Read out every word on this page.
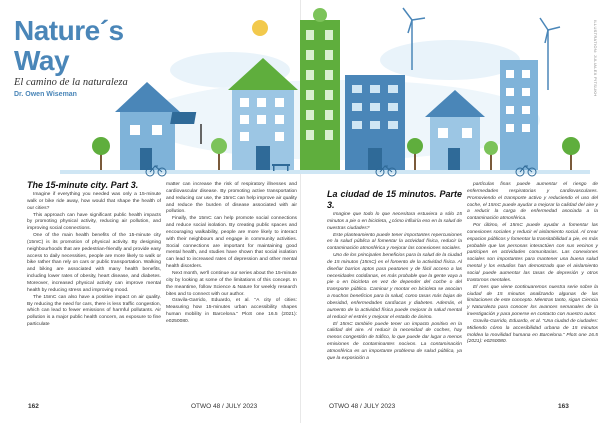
Nature´s Way
El camino de la naturaleza
Dr. Owen Wiseman	ILLUSTRATION: JULIALEX PITSUKH
The 15-minute city. Part 3.

Imagine if everything you needed was only a 15-minute walk or bike ride away, how would that shape the health of our cities?

This approach can have significant public health impacts by promoting physical activity, reducing air pollution, and improving social connections.

One of the main health benefits of the 15-minute city (15mC) is its promotion of physical activity. By designing neighbourhoods that are pedestrian-friendly and provide easy access to daily necessities, people are more likely to walk or bike rather than rely on cars or public transportation. Walking and biking are associated with many health benefits, including lower rates of obesity, heart disease, and diabetes. Moreover, increased physical activity can improve mental health by reducing stress and improving mood.

The 15mC can also have a positive impact on air quality. By reducing the need for cars, there is less traffic congestion, which can lead to fewer emissions of harmful pollutants. Air pollution is a major public health concern, as exposure to fine particulate

matter can increase the risk of respiratory illnesses and cardiovascular disease. By promoting active transportation and reducing car use, the 15mC can help improve air quality and reduce the burden of disease associated with air pollution.

Finally, the 15mC can help promote social connections and reduce social isolation. By creating public spaces and encouraging walkability, people are more likely to interact with their neighbours and engage in community activities. Social connections are important for maintaining good mental health, and studies have shown that social isolation can lead to increased rates of depression and other mental health disorders.

Next month, we'll continue our series about the 15-minute city by looking at some of the limitations of this concept. In the meantime, follow Science & Nature for weekly research bites and to connect with our author.

Gravila-Garrido, Eduardo, et al. "A city of cities: Measuring how 15-minutes urban accessibility shapes human mobility in Barcelona." PloS one 16.5 (2021): e0250080.

La ciudad de 15 minutos. Parte 3.

Imagine que todo lo que necesitara estuviera a sólo 15 minutos a pie o en bicicleta, ¿cómo influiría eso en la salud de nuestras ciudades?

Este planteamiento puede tener importantes repercusiones en la salud pública al fomentar la actividad física, reducir la contaminación atmosférica y mejorar las conexiones sociales.

Uno de los principales beneficios para la salud de la ciudad de 15 minutos (15mC) es el fomento de la actividad física. Al diseñar barrios aptos para peatones y de fácil acceso a las necesidades cotidianas, es más probable que la gente vaya a pie o en bicicleta en vez de depender del coche o del transporte público. Caminar y montar en bicicleta se asocian a muchos beneficios para la salud, como tasas más bajas de obesidad, enfermedades cardíacas y diabetes. Además, el aumento de la actividad física puede mejorar la salud mental al reducir el estrés y mejorar el estado de ánimo.

El 15mC también puede tener un impacto positivo en la calidad del aire. Al reducir la necesidad de coches, hay menos congestión de tráfico, lo que puede dar lugar a menos emisiones de contaminantes nocivos. La contaminación atmosférica es un importante problema de salud pública, ya que la exposición a

partículas finas puede aumentar el riesgo de enfermedades respiratorias y cardiovasculares. Promoviendo el transporte activo y reduciendo el uso del coche, el 15mC puede ayudar a mejorar la calidad del aire y a reducir la carga de enfermedad asociada a la contaminación atmosférica.

Por último, el 15mC puede ayudar a fomentar las conexiones sociales y reducir el aislamiento social. Al crear espacios públicos y fomentar la transitabilidad a pie, es más probable que las personas interactúen con sus vecinos y participen en actividades comunitarias. Las conexiones sociales son importantes para mantener una buena salud mental y los estudios han demostrado que el aislamiento social puede aumentar las tasas de depresión y otros trastornos mentales.

El mes que viene continuaremos nuestra serie sobre la ciudad de 15 minutos analizando algunas de las limitaciones de este concepto. Mientras tanto, sigan Ciencia y Naturaleza para conocer los avances semanales de la investigación y para ponerse en contacto con nuestro autor.

Gravila-Garrido, Eduardo, et al. "Una ciudad de ciudades: Midiendo cómo la accesibilidad urbana de 15 minutos moldea la movilidad humana en Barcelona." PloS one 16.5 (2021): e0250080.

162	OTWO 48 / JULY 2023	OTWO 48 / JULY 2023	163
